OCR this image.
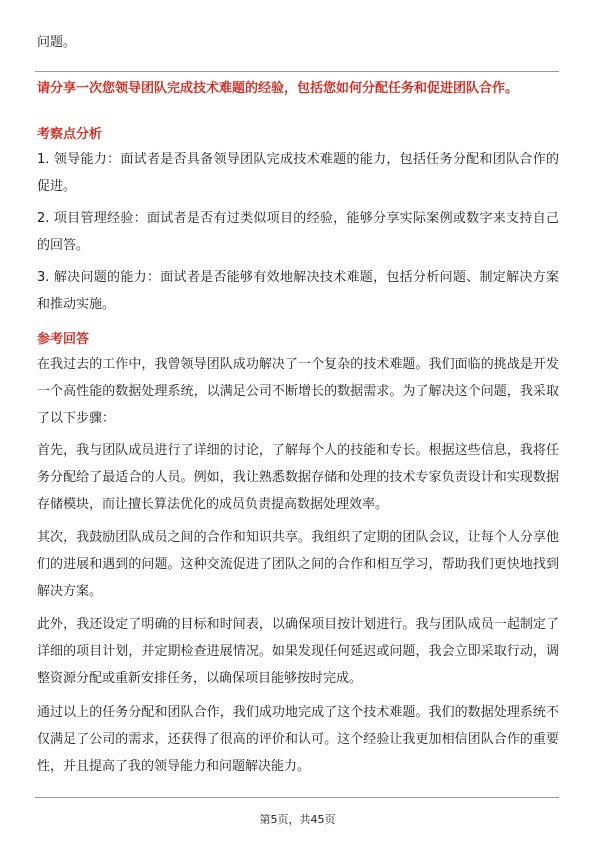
问题。

请分享一次您领导团队完成技术难题的经验，包括您如何分配任务和促进团队合作。

考察点分析

1. 领导能力：面试者是否具备领导团队完成技术难题的能力，包括任务分配和团队合作的促进。

2. 项目管理经验：面试者是否有过类似项目的经验，能够分享实际案例或数字来支持自己的回答。

3. 解决问题的能力：面试者是否能够有效地解决技术难题，包括分析问题、制定解决方案和推动实施。

参考回答

在我过去的工作中，我曾领导团队成功解决了一个复杂的技术难题。我们面临的挑战是开发一个高性能的数据处理系统，以满足公司不断增长的数据需求。为了解决这个问题，我采取了以下步骤：

首先，我与团队成员进行了详细的讨论，了解每个人的技能和专长。根据这些信息，我将任务分配给了最适合的人员。例如，我让熟悉数据存储和处理的技术专家负责设计和实现数据存储模块，而让擅长算法优化的成员负责提高数据处理效率。

其次，我鼓励团队成员之间的合作和知识共享。我组织了定期的团队会议，让每个人分享他们的进展和遇到的问题。这种交流促进了团队之间的合作和相互学习，帮助我们更快地找到解决方案。

此外，我还设定了明确的目标和时间表，以确保项目按计划进行。我与团队成员一起制定了详细的项目计划，并定期检查进展情况。如果发现任何延迟或问题，我会立即采取行动，调整资源分配或重新安排任务，以确保项目能够按时完成。

通过以上的任务分配和团队合作，我们成功地完成了这个技术难题。我们的数据处理系统不仅满足了公司的需求，还获得了很高的评价和认可。这个经验让我更加相信团队合作的重要性，并且提高了我的领导能力和问题解决能力。

第5页，共45页
